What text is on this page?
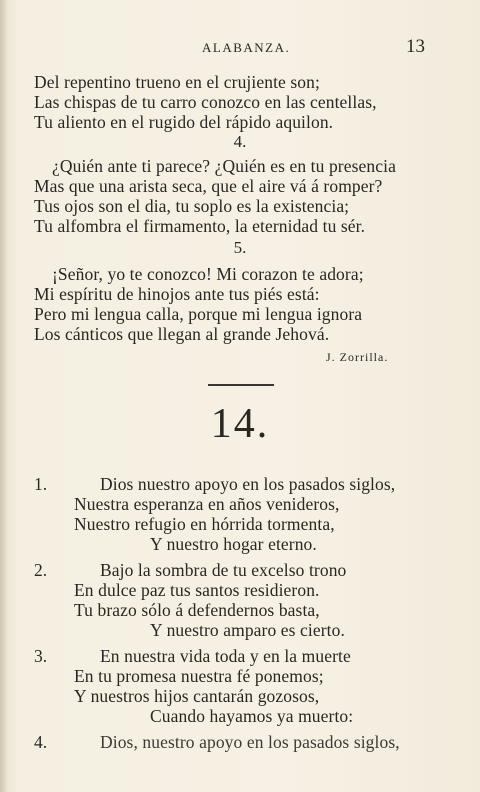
ALABANZA.	13
Del repentino trueno en el crujiente son;
Las chispas de tu carro conozco en las centellas,
Tu aliento en el rugido del rápido aquilon.
4.
¿Quién ante ti parece? ¿Quién es en tu presencia
Mas que una arista seca, que el aire vá á romper?
Tus ojos son el dia, tu soplo es la existencia;
Tu alfombra el firmamento, la eternidad tu sér.
5.
¡Señor, yo te conozco! Mi corazon te adora;
Mi espíritu de hinojos ante tus piés está:
Pero mi lengua calla, porque mi lengua ignora
Los cánticos que llegan al grande Jehová.
J. Zorrilla.
14.
1.	Dios nuestro apoyo en los pasados siglos,
Nuestra esperanza en años venideros,
Nuestro refugio en hórrida tormenta,
Y nuestro hogar eterno.
2.	Bajo la sombra de tu excelso trono
En dulce paz tus santos residieron.
Tu brazo sólo á defendernos basta,
Y nuestro amparo es cierto.
3.	En nuestra vida toda y en la muerte
En tu promesa nuestra fé ponemos;
Y nuestros hijos cantarán gozosos,
Cuando hayamos ya muerto:
4.	Dios, nuestro apoyo en los pasados siglos,
